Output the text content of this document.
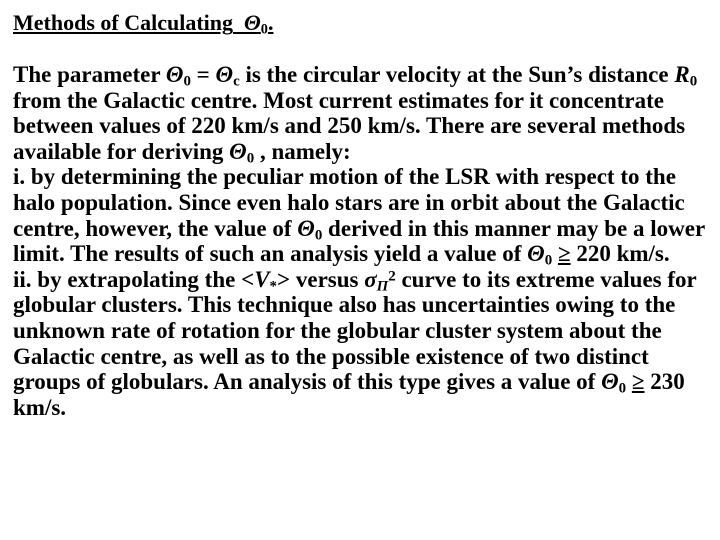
Methods of Calculating $\Theta_0$.

The parameter $\Theta_0 = \Theta_c$ is the circular velocity at the Sun’s distance $R_0$ from the Galactic centre. Most current estimates for it concentrate between values of 220 km/s and 250 km/s. There are several methods available for deriving $\Theta_0$ , namely:

i. by determining the peculiar motion of the LSR with respect to the halo population. Since even halo stars are in orbit about the Galactic centre, however, the value of $\Theta_0$ derived in this manner may be a lower limit. The results of such an analysis yield a value of $\Theta_0 \ge 220$ km/s.

ii. by extrapolating the $<V_*>$ versus $\sigma_\Pi^2$ curve to its extreme values for globular clusters. This technique also has uncertainties owing to the unknown rate of rotation for the globular cluster system about the Galactic centre, as well as to the possible existence of two distinct groups of globulars. An analysis of this type gives a value of $\Theta_0 \ge 230$ km/s.
